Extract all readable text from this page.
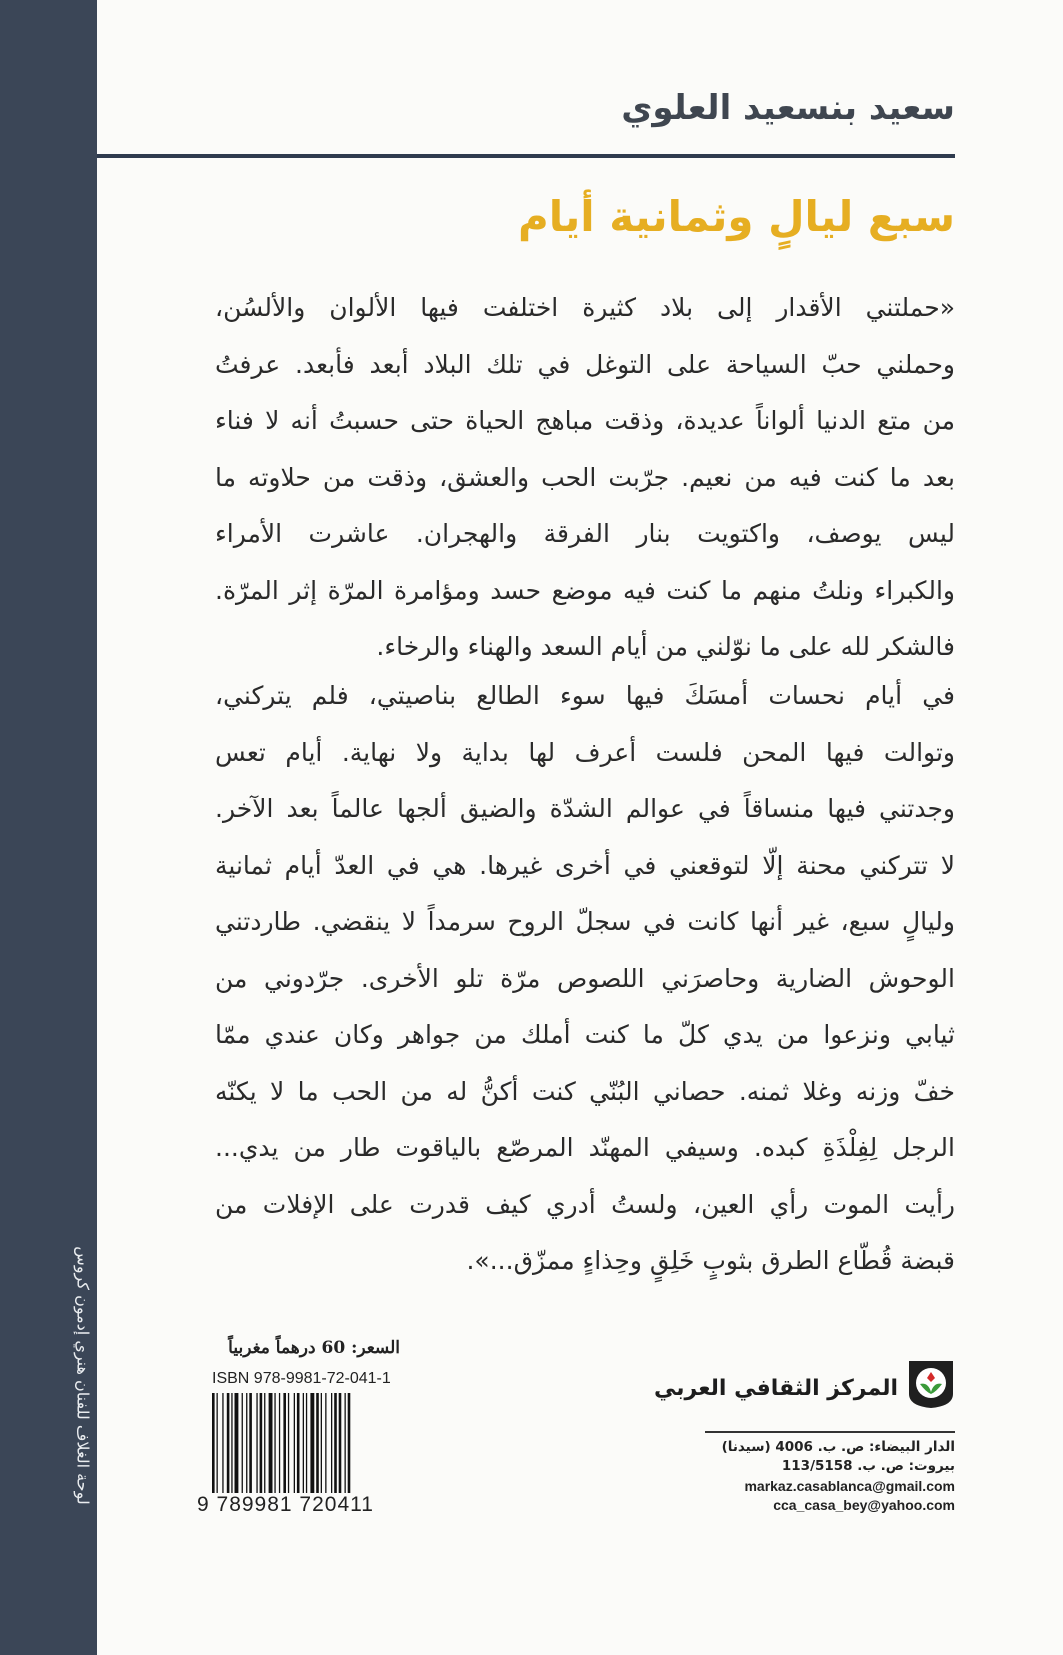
لوحة الغلاف للفنان هنري إدمون كروس
سعيد بنسعيد العلوي
سبع ليالٍ وثمانية أيام
«حملتني الأقدار إلى بلاد كثيرة اختلفت فيها الألوان والألسُن،
وحملني حبّ السياحة على التوغل في تلك البلاد أبعد فأبعد. عرفتُ
من متع الدنيا ألواناً عديدة، وذقت مباهج الحياة حتى حسبتُ أنه لا فناء
بعد ما كنت فيه من نعيم. جرّبت الحب والعشق، وذقت من حلاوته ما
ليس يوصف، واكتويت بنار الفرقة والهجران. عاشرت الأمراء
والكبراء ونلتُ منهم ما كنت فيه موضع حسد ومؤامرة المرّة إثر المرّة.
فالشكر لله على ما نوّلني من أيام السعد والهناء والرخاء.
في أيام نحسات أمسَكَ فيها سوء الطالع بناصيتي، فلم يتركني،
وتوالت فيها المحن فلست أعرف لها بداية ولا نهاية. أيام تعس
وجدتني فيها منساقاً في عوالم الشدّة والضيق ألجها عالماً بعد الآخر.
لا تتركني محنة إلّا لتوقعني في أخرى غيرها. هي في العدّ أيام ثمانية
وليالٍ سبع، غير أنها كانت في سجلّ الروح سرمداً لا ينقضي. طاردتني
الوحوش الضارية وحاصرَني اللصوص مرّة تلو الأخرى. جرّدوني من
ثيابي ونزعوا من يدي كلّ ما كنت أملك من جواهر وكان عندي ممّا
خفّ وزنه وغلا ثمنه. حصاني البُنّي كنت أكنُّ له من الحب ما لا يكنّه
الرجل لِفِلْذَةِ كبده. وسيفي المهنّد المرصّع بالياقوت طار من يدي...
رأيت الموت رأي العين، ولستُ أدري كيف قدرت على الإفلات من
قبضة قُطّاع الطرق بثوبٍ خَلِقٍ وحِذاءٍ ممزّق...».
السعر: 60 درهماً مغربياً
ISBN 978-9981-72-041-1
9 789981 720411
المركز الثقافي العربي
الدار البيضاء: ص. ب. 4006 (سيدنا)
بيروت: ص. ب. 113/5158
markaz.casablanca@gmail.com
cca_casa_bey@yahoo.com
